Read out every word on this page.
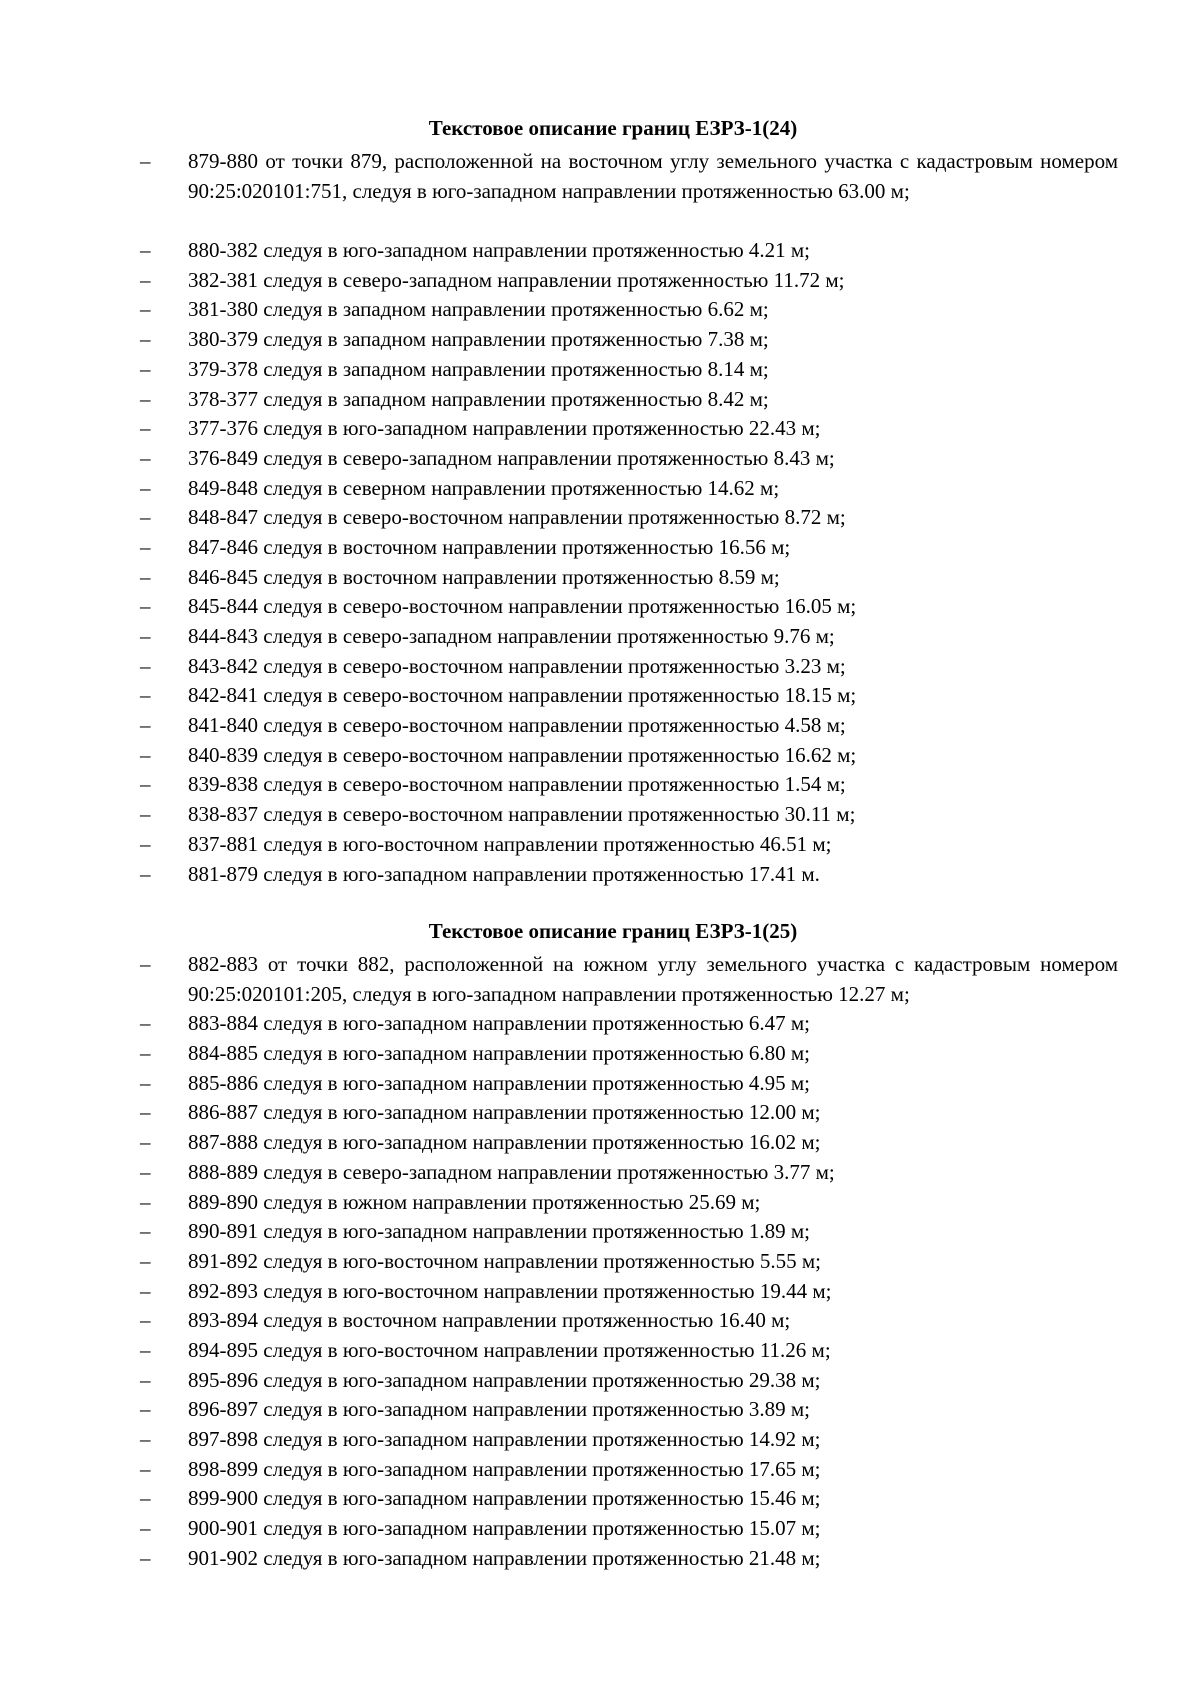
Текстовое описание границ ЕЗРЗ-1(24)
–	879-880 от точки 879, расположенной на восточном углу земельного участка с кадастровым номером 90:25:020101:751, следуя в юго-западном направлении протяженностью 63.00 м;
–	880-382 следуя в юго-западном направлении протяженностью 4.21 м;
–	382-381 следуя в северо-западном направлении протяженностью 11.72 м;
–	381-380 следуя в западном направлении протяженностью 6.62 м;
–	380-379 следуя в западном направлении протяженностью 7.38 м;
–	379-378 следуя в западном направлении протяженностью 8.14 м;
–	378-377 следуя в западном направлении протяженностью 8.42 м;
–	377-376 следуя в юго-западном направлении протяженностью 22.43 м;
–	376-849 следуя в северо-западном направлении протяженностью 8.43 м;
–	849-848 следуя в северном направлении протяженностью 14.62 м;
–	848-847 следуя в северо-восточном направлении протяженностью 8.72 м;
–	847-846 следуя в восточном направлении протяженностью 16.56 м;
–	846-845 следуя в восточном направлении протяженностью 8.59 м;
–	845-844 следуя в северо-восточном направлении протяженностью 16.05 м;
–	844-843 следуя в северо-западном направлении протяженностью 9.76 м;
–	843-842 следуя в северо-восточном направлении протяженностью 3.23 м;
–	842-841 следуя в северо-восточном направлении протяженностью 18.15 м;
–	841-840 следуя в северо-восточном направлении протяженностью 4.58 м;
–	840-839 следуя в северо-восточном направлении протяженностью 16.62 м;
–	839-838 следуя в северо-восточном направлении протяженностью 1.54 м;
–	838-837 следуя в северо-восточном направлении протяженностью 30.11 м;
–	837-881 следуя в юго-восточном направлении протяженностью 46.51 м;
–	881-879 следуя в юго-западном направлении протяженностью 17.41 м.
Текстовое описание границ ЕЗРЗ-1(25)
–	882-883 от точки 882, расположенной на южном углу земельного участка с кадастровым номером 90:25:020101:205, следуя в юго-западном направлении протяженностью 12.27 м;
–	883-884 следуя в юго-западном направлении протяженностью 6.47 м;
–	884-885 следуя в юго-западном направлении протяженностью 6.80 м;
–	885-886 следуя в юго-западном направлении протяженностью 4.95 м;
–	886-887 следуя в юго-западном направлении протяженностью 12.00 м;
–	887-888 следуя в юго-западном направлении протяженностью 16.02 м;
–	888-889 следуя в северо-западном направлении протяженностью 3.77 м;
–	889-890 следуя в южном направлении протяженностью 25.69 м;
–	890-891 следуя в юго-западном направлении протяженностью 1.89 м;
–	891-892 следуя в юго-восточном направлении протяженностью 5.55 м;
–	892-893 следуя в юго-восточном направлении протяженностью 19.44 м;
–	893-894 следуя в восточном направлении протяженностью 16.40 м;
–	894-895 следуя в юго-восточном направлении протяженностью 11.26 м;
–	895-896 следуя в юго-западном направлении протяженностью 29.38 м;
–	896-897 следуя в юго-западном направлении протяженностью 3.89 м;
–	897-898 следуя в юго-западном направлении протяженностью 14.92 м;
–	898-899 следуя в юго-западном направлении протяженностью 17.65 м;
–	899-900 следуя в юго-западном направлении протяженностью 15.46 м;
–	900-901 следуя в юго-западном направлении протяженностью 15.07 м;
–	901-902 следуя в юго-западном направлении протяженностью 21.48 м;
